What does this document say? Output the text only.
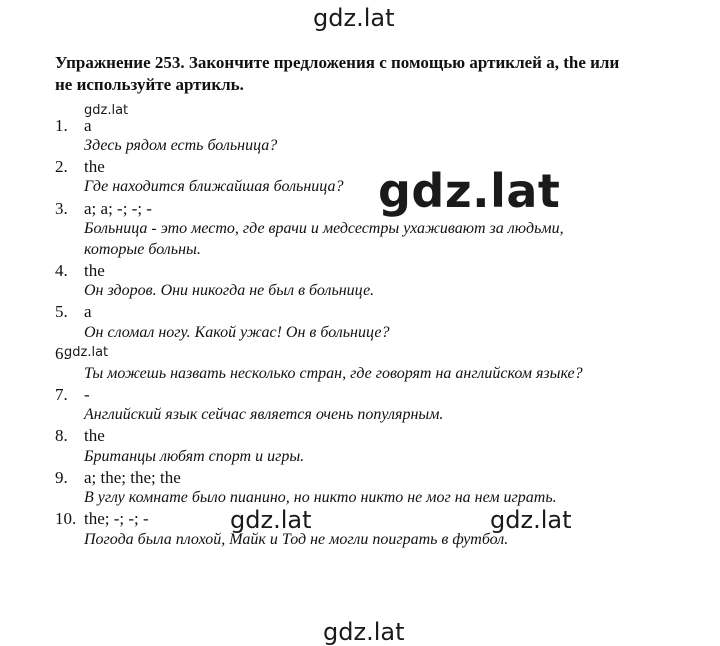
Упражнение 253. Закончите предложения с помощью артиклей a, the или
не используйте артикль.
1. a
Здесь рядом есть больница?
2. the
Где находится ближайшая больница?
3. a; a; -; -; -
Больница - это место, где врачи и медсестры ухаживают за людьми,
которые больны.
4. the
Он здоров. Они никогда не был в больнице.
5. a
Он сломал ногу. Какой ужас! Он в больнице?
6.
Ты можешь назвать несколько стран, где говорят на английском языке?
7. -
Английский язык сейчас является очень популярным.
8. the
Британцы любят спорт и игры.
9. a; the; the; the
В углу комнате было пианино, но никто никто не мог на нем играть.
10. the; -; -; -
Погода была плохой, Майк и Тод не могли поиграть в футбол.
gdz.lat
gdz.lat
gdz.lat
gdz.lat
gdz.lat	gdz.lat
gdz.lat
